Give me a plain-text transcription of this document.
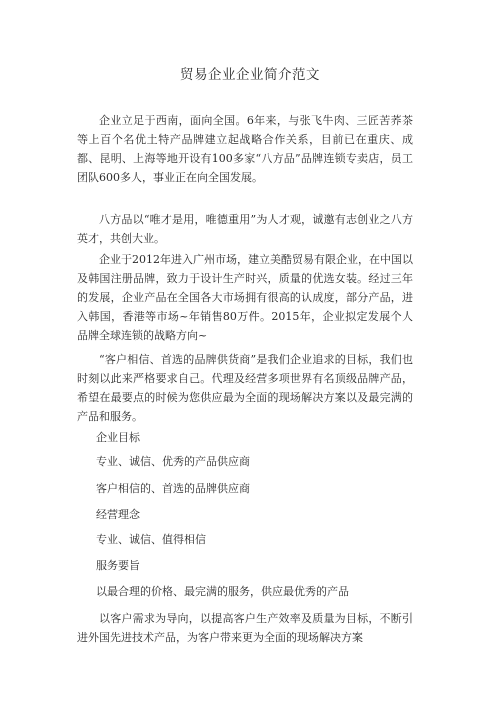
贸易企业企业简介范文

企业立足于西南，面向全国。6年来，与张飞牛肉、三匠苦荞茶等上百个名优土特产品牌建立起战略合作关系，目前已在重庆、成都、昆明、上海等地开设有100多家“八方品”品牌连锁专卖店，员工团队600多人，事业正在向全国发展。

八方品以“唯才是用，唯德重用”为人才观，诚邀有志创业之八方英才，共创大业。

企业于2012年进入广州市场，建立美酷贸易有限企业，在中国以及韩国注册品牌，致力于设计生产时兴，质量的优选女装。经过三年的发展，企业产品在全国各大市场拥有很高的认成度，部分产品，进入韩国，香港等市场~年销售80万件。2015年，企业拟定发展个人品牌全球连锁的战略方向~

“客户相信、首选的品牌供货商”是我们企业追求的目标，我们也时刻以此来严格要求自己。代理及经营多项世界有名顶级品牌产品，希望在最要点的时候为您供应最为全面的现场解决方案以及最完满的产品和服务。

企业目标
专业、诚信、优秀的产品供应商
客户相信的、首选的品牌供应商
经营理念
专业、诚信、值得相信
服务要旨
以最合理的价格、最完满的服务，供应最优秀的产品

以客户需求为导向，以提高客户生产效率及质量为目标，不断引进外国先进技术产品，为客户带来更为全面的现场解决方案
